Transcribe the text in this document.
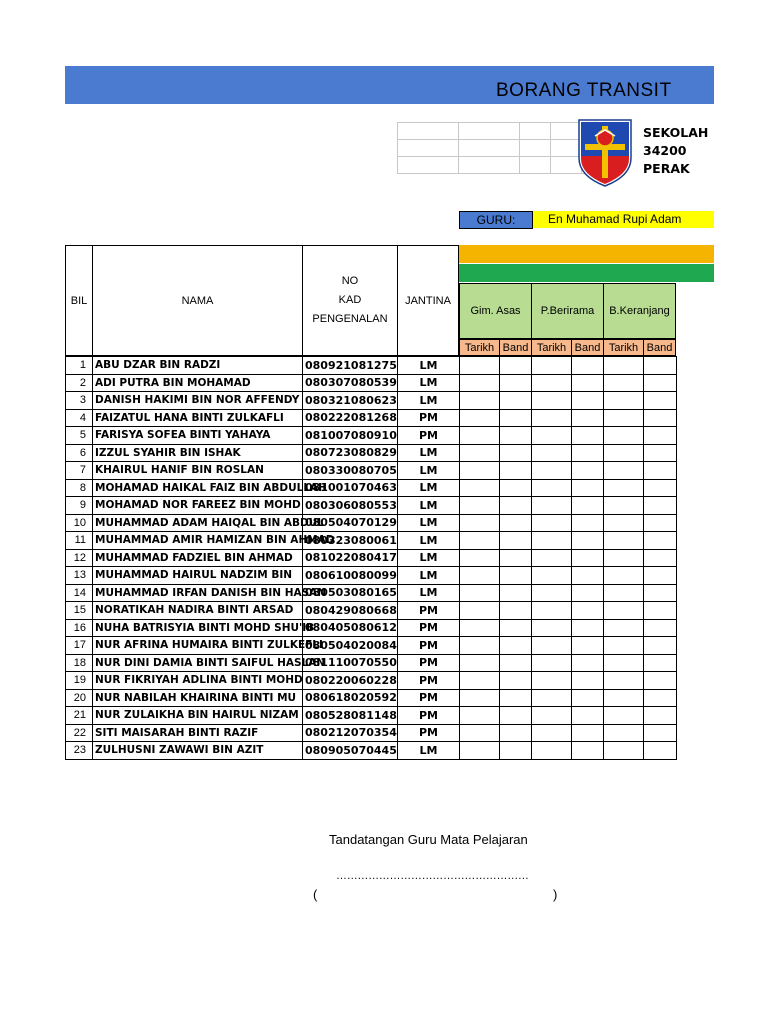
BORANG TRANSIT

SEKOLAH
34200
PERAK
GURU:	En Muhamad Rupi Adam
BIL	NAMA
NO
KAD
PENGENALAN
JANTINA
Gim. Asas	P.Berirama	B.Keranjang
Tarikh Band Tarikh Band Tarikh Band
1	ABU DZAR BIN RADZI	080921081275	LM						
2	ADI PUTRA BIN MOHAMAD	080307080539	LM						
3	DANISH HAKIMI BIN NOR AFFENDY	080321080623	LM						
4	FAIZATUL HANA BINTI ZULKAFLI	080222081268	PM						
5	FARISYA SOFEA BINTI YAHAYA	081007080910	PM						
6	IZZUL SYAHIR BIN ISHAK	080723080829	LM						
7	KHAIRUL HANIF BIN ROSLAN	080330080705	LM						
8	MOHAMAD HAIKAL FAIZ BIN ABDULLAH	081001070463	LM						
9	MOHAMAD NOR FAREEZ BIN MOHD	080306080553	LM						
10	MUHAMMAD ADAM HAIQAL BIN ABDUL	080504070129	LM						
11	MUHAMMAD AMIR HAMIZAN BIN AHMAD	080323080061	LM						
12	MUHAMMAD FADZIEL BIN AHMAD	081022080417	LM						
13	MUHAMMAD HAIRUL NADZIM BIN	080610080099	LM						
14	MUHAMMAD IRFAN DANISH BIN HASAN	080503080165	LM						
15	NORATIKAH NADIRA BINTI ARSAD	080429080668	PM						
16	NUHA BATRISYIA BINTI MOHD SHU'IB	080405080612	PM						
17	NUR AFRINA HUMAIRA BINTI ZULKEFLI	080504020084	PM						
18	NUR DINI DAMIA BINTI SAIFUL HASLAN	081110070550	PM						
19	NUR FIKRIYAH ADLINA BINTI MOHD	080220060228	PM						
20	NUR NABILAH KHAIRINA BINTI MU	080618020592	PM						
21	NUR ZULAIKHA BIN HAIRUL NIZAM	080528081148	PM						
22	SITI MAISARAH BINTI RAZIF	080212070354	PM						
23	ZULHUSNI ZAWAWI BIN AZIT	080905070445	LM						
Tandatangan Guru Mata Pelajaran
………………………………………………
(	)
